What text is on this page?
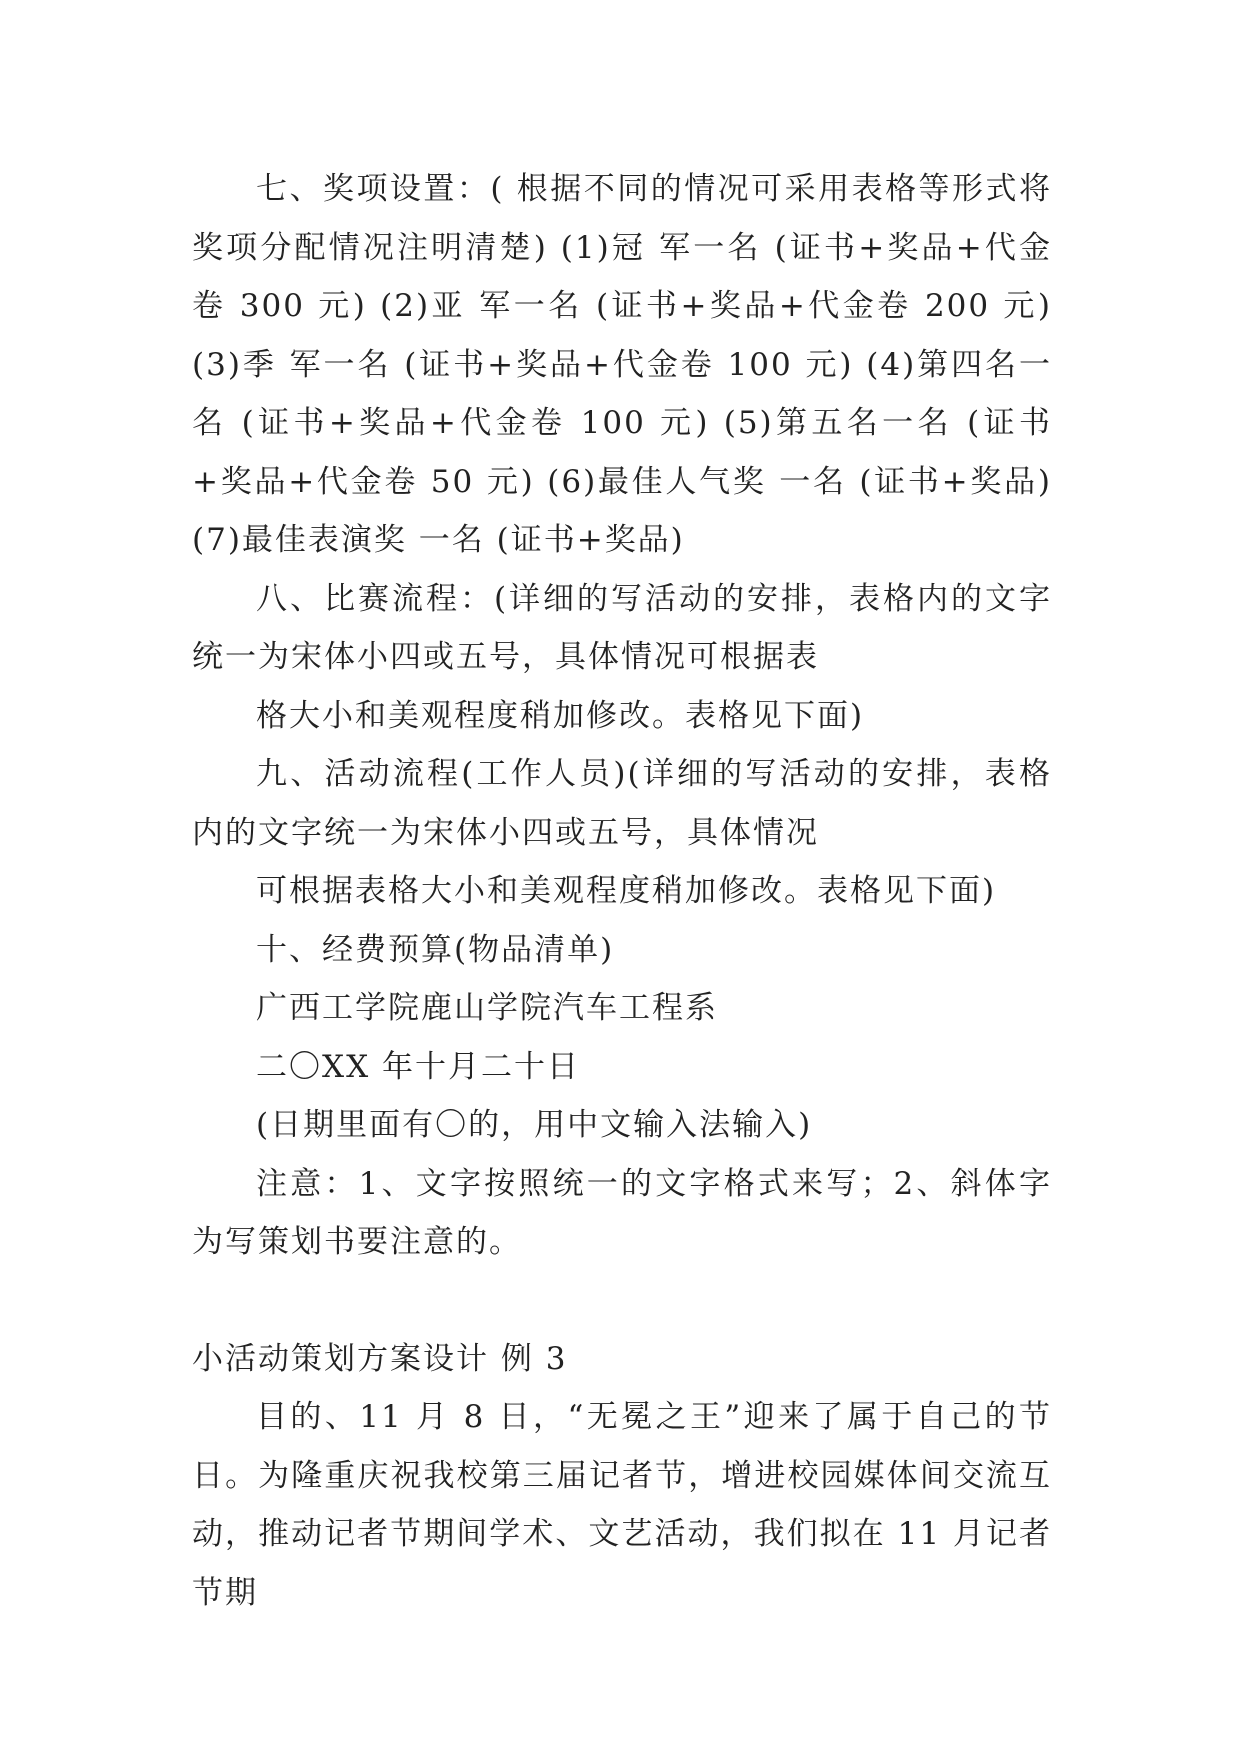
七、奖项设置：( 根据不同的情况可采用表格等形式将奖项分配情况注明清楚) (1)冠 军一名 (证书+奖品+代金卷 300 元) (2)亚 军一名 (证书+奖品+代金卷 200 元) (3)季 军一名 (证书+奖品+代金卷 100 元) (4)第四名一名 (证书+奖品+代金卷 100 元) (5)第五名一名 (证书+奖品+代金卷 50 元) (6)最佳人气奖 一名 (证书+奖品) (7)最佳表演奖 一名 (证书+奖品)

八、比赛流程：(详细的写活动的安排，表格内的文字统一为宋体小四或五号，具体情况可根据表

格大小和美观程度稍加修改。表格见下面)

九、活动流程(工作人员)(详细的写活动的安排，表格内的文字统一为宋体小四或五号，具体情况

可根据表格大小和美观程度稍加修改。表格见下面)

十、经费预算(物品清单)

广西工学院鹿山学院汽车工程系

二〇XX 年十月二十日

(日期里面有〇的，用中文输入法输入)

注意：1、文字按照统一的文字格式来写；2、斜体字为写策划书要注意的。

小活动策划方案设计 例 3

目的、11 月 8 日，“无冕之王”迎来了属于自己的节日。为隆重庆祝我校第三届记者节，增进校园媒体间交流互动，推动记者节期间学术、文艺活动，我们拟在 11 月记者节期
